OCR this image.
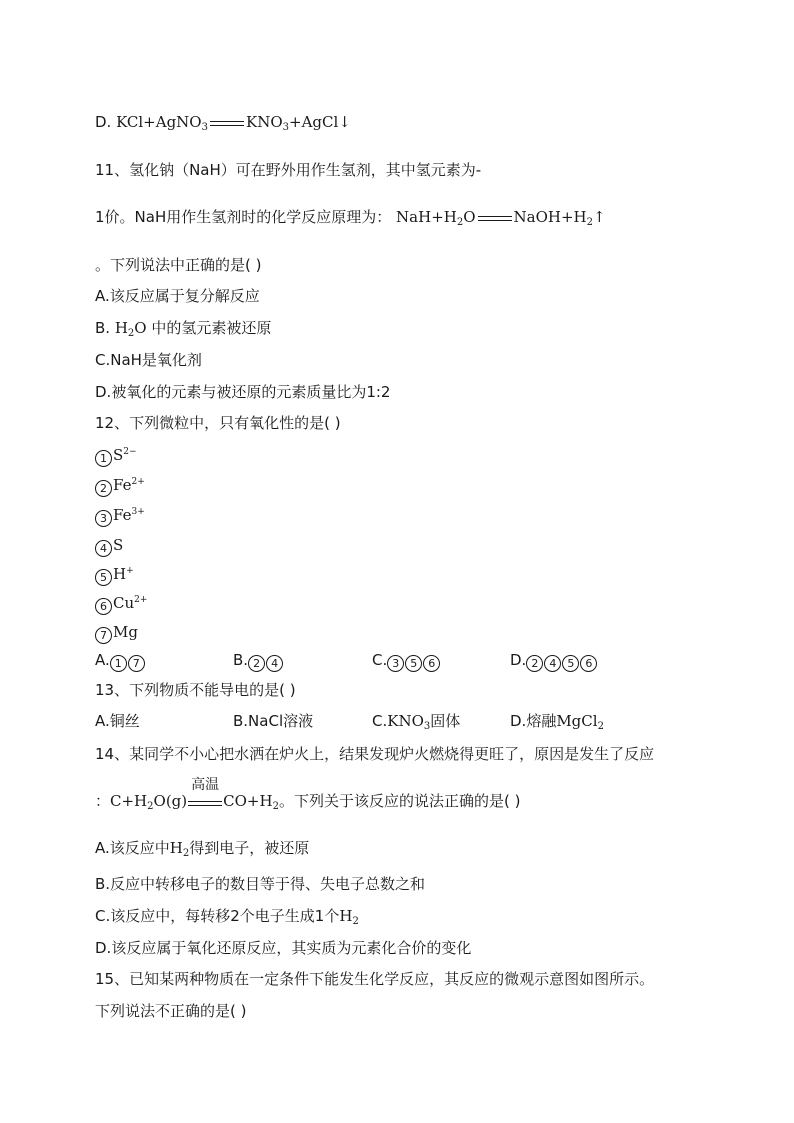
D. KCl+AgNO$_3$	$KNO_3+AgCl↓$
11、氢化钠（NaH）可在野外用作生氢剂，其中氢元素为-
1价。NaH用作生氢剂时的化学反应原理为： $NaH+H_2O$	$NaOH+H_2↑$
。下列说法中正确的是( )
A.该反应属于复分解反应
B. $H_2O$ 中的氢元素被还原
C.NaH是氧化剂
D.被氧化的元素与被还原的元素质量比为1:2
12、下列微粒中，只有氧化性的是( )
1 $S^{2-}$
2 $Fe^{2+}$
3 $Fe^{3+}$
4 S
5 H+
6 $Cu^{2+}$
7 Mg
A. 1 7	B. 2 4	C. 3 5 6	D. 2 4 5 6
13、下列物质不能导电的是( )
A.铜丝	B.NaCl溶液	$C.KNO_3$固体	D.熔融MgCl$_2$
14、某同学不小心把水洒在炉火上，结果发现炉火燃烧得更旺了，原因是发生了反应
：$C+H_2O(g)$
高温
$CO+H_2$。下列关于该反应的说法正确的是( )
A.该反应中$H_2$得到电子，被还原
B.反应中转移电子的数目等于得、失电子总数之和
C.该反应中，每转移2个电子生成1个$H_2$
D.该反应属于氧化还原反应，其实质为元素化合价的变化
15、已知某两种物质在一定条件下能发生化学反应，其反应的微观示意图如图所示。
下列说法不正确的是( )
